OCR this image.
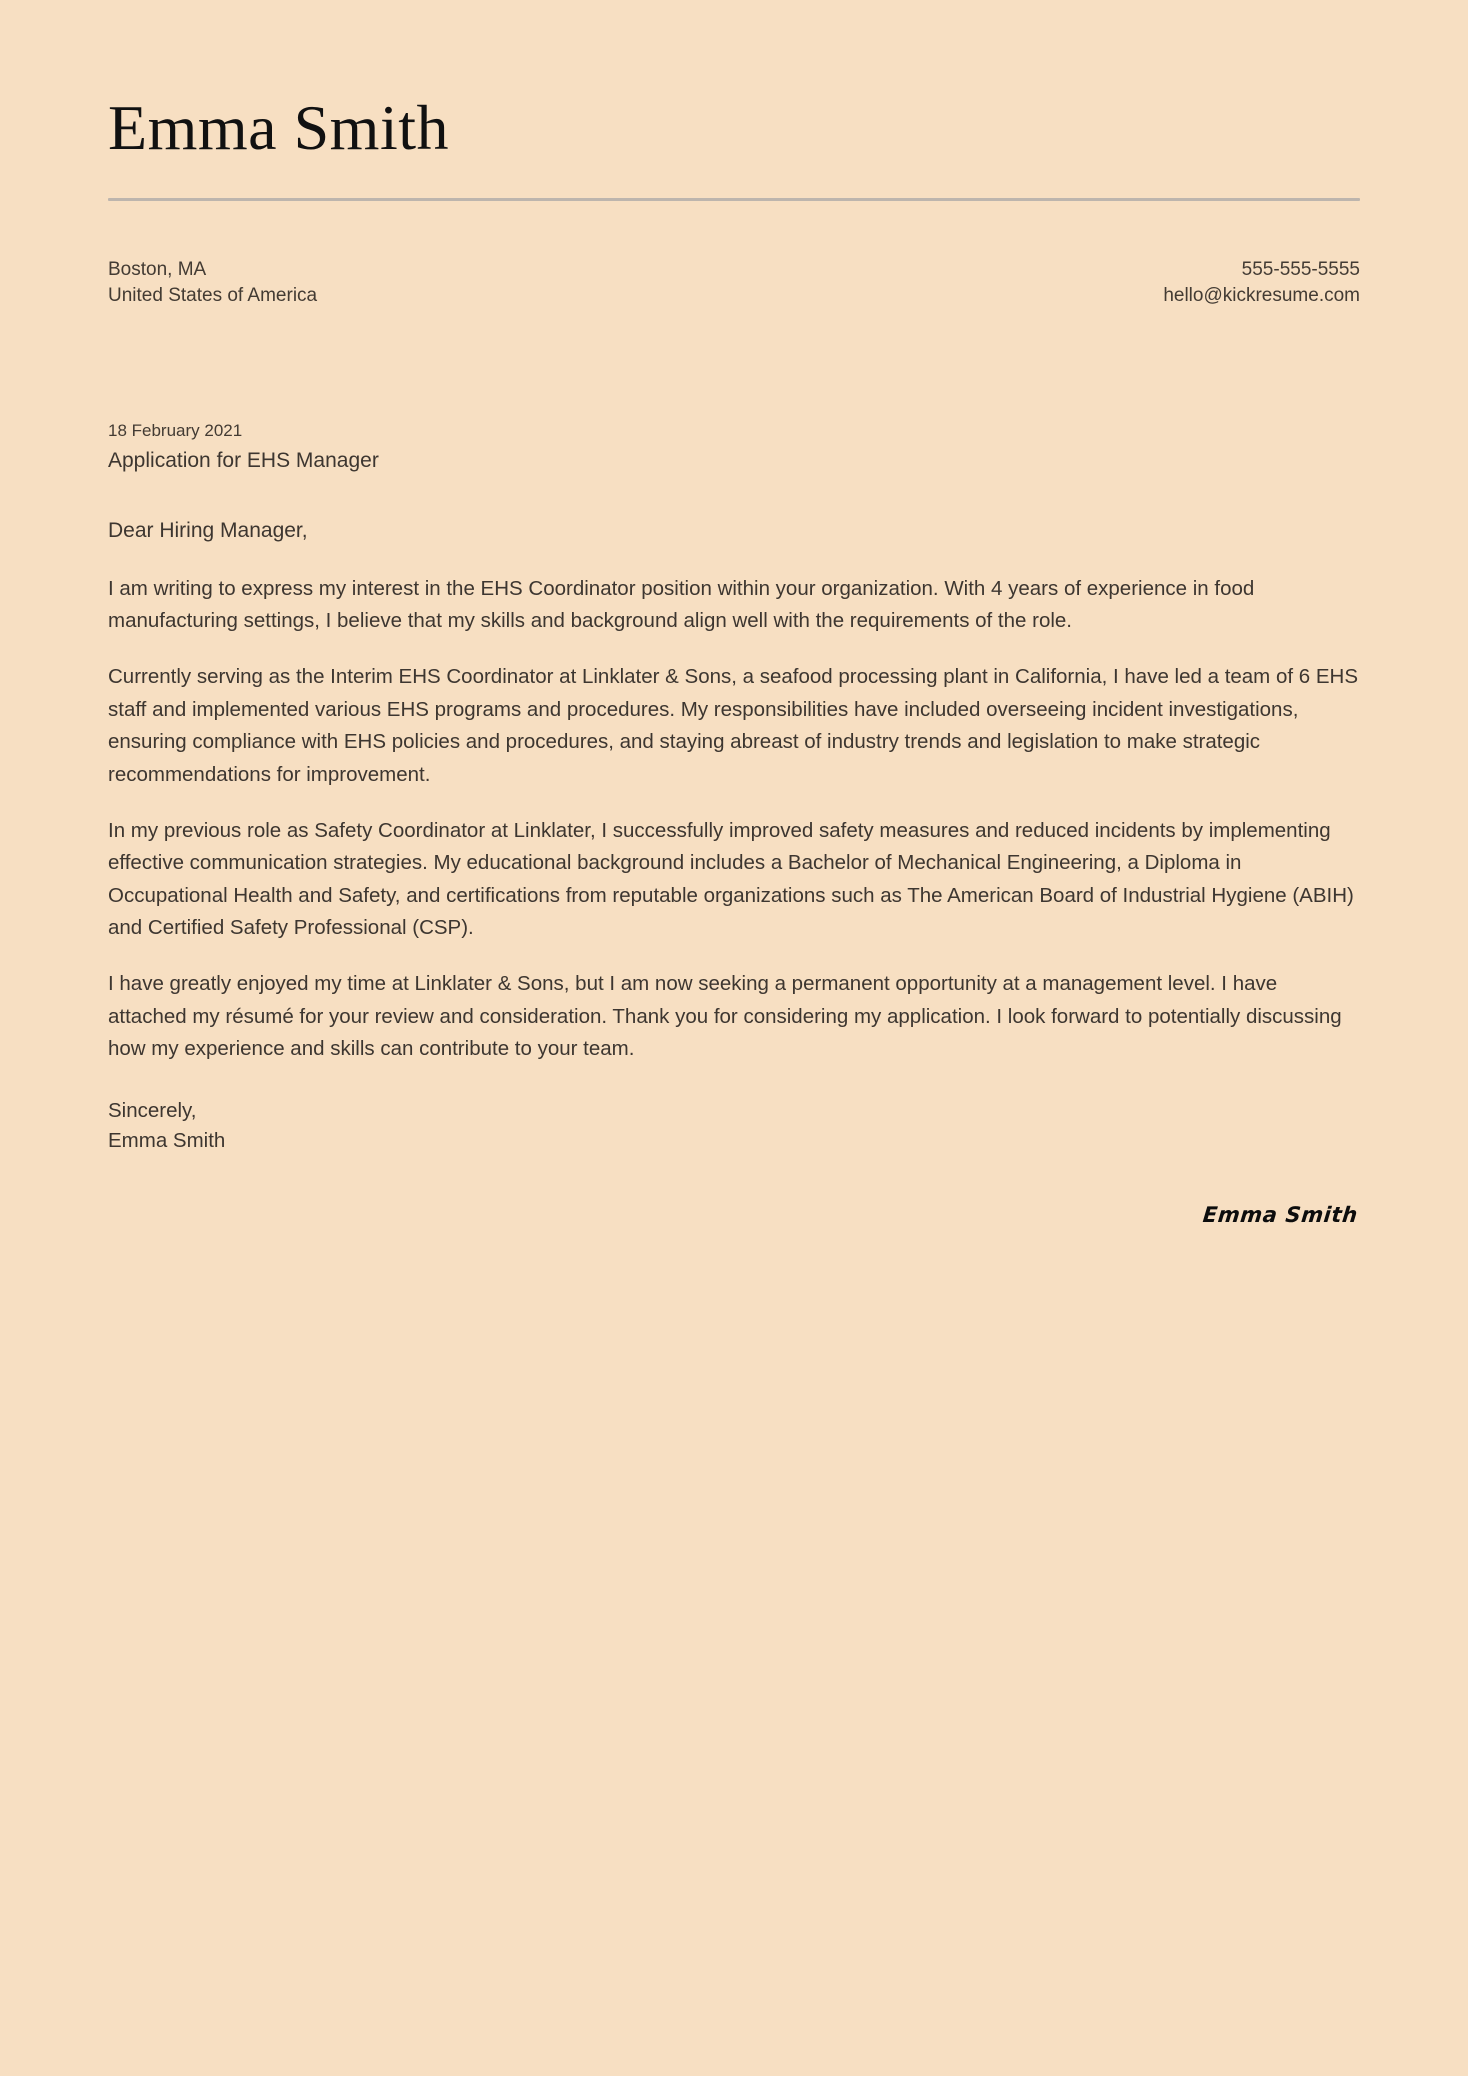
Emma Smith
Boston, MA
United States of America
555-555-5555
hello@kickresume.com
18 February 2021
Application for EHS Manager
Dear Hiring Manager,

I am writing to express my interest in the EHS Coordinator position within your organization. With 4 years of experience in food manufacturing settings, I believe that my skills and background align well with the requirements of the role.

Currently serving as the Interim EHS Coordinator at Linklater & Sons, a seafood processing plant in California, I have led a team of 6 EHS staff and implemented various EHS programs and procedures. My responsibilities have included overseeing incident investigations, ensuring compliance with EHS policies and procedures, and staying abreast of industry trends and legislation to make strategic recommendations for improvement.

In my previous role as Safety Coordinator at Linklater, I successfully improved safety measures and reduced incidents by implementing effective communication strategies. My educational background includes a Bachelor of Mechanical Engineering, a Diploma in Occupational Health and Safety, and certifications from reputable organizations such as The American Board of Industrial Hygiene (ABIH) and Certified Safety Professional (CSP).

I have greatly enjoyed my time at Linklater & Sons, but I am now seeking a permanent opportunity at a management level. I have attached my résumé for your review and consideration. Thank you for considering my application. I look forward to potentially discussing how my experience and skills can contribute to your team.

Sincerely,
Emma Smith
Emma Smith
